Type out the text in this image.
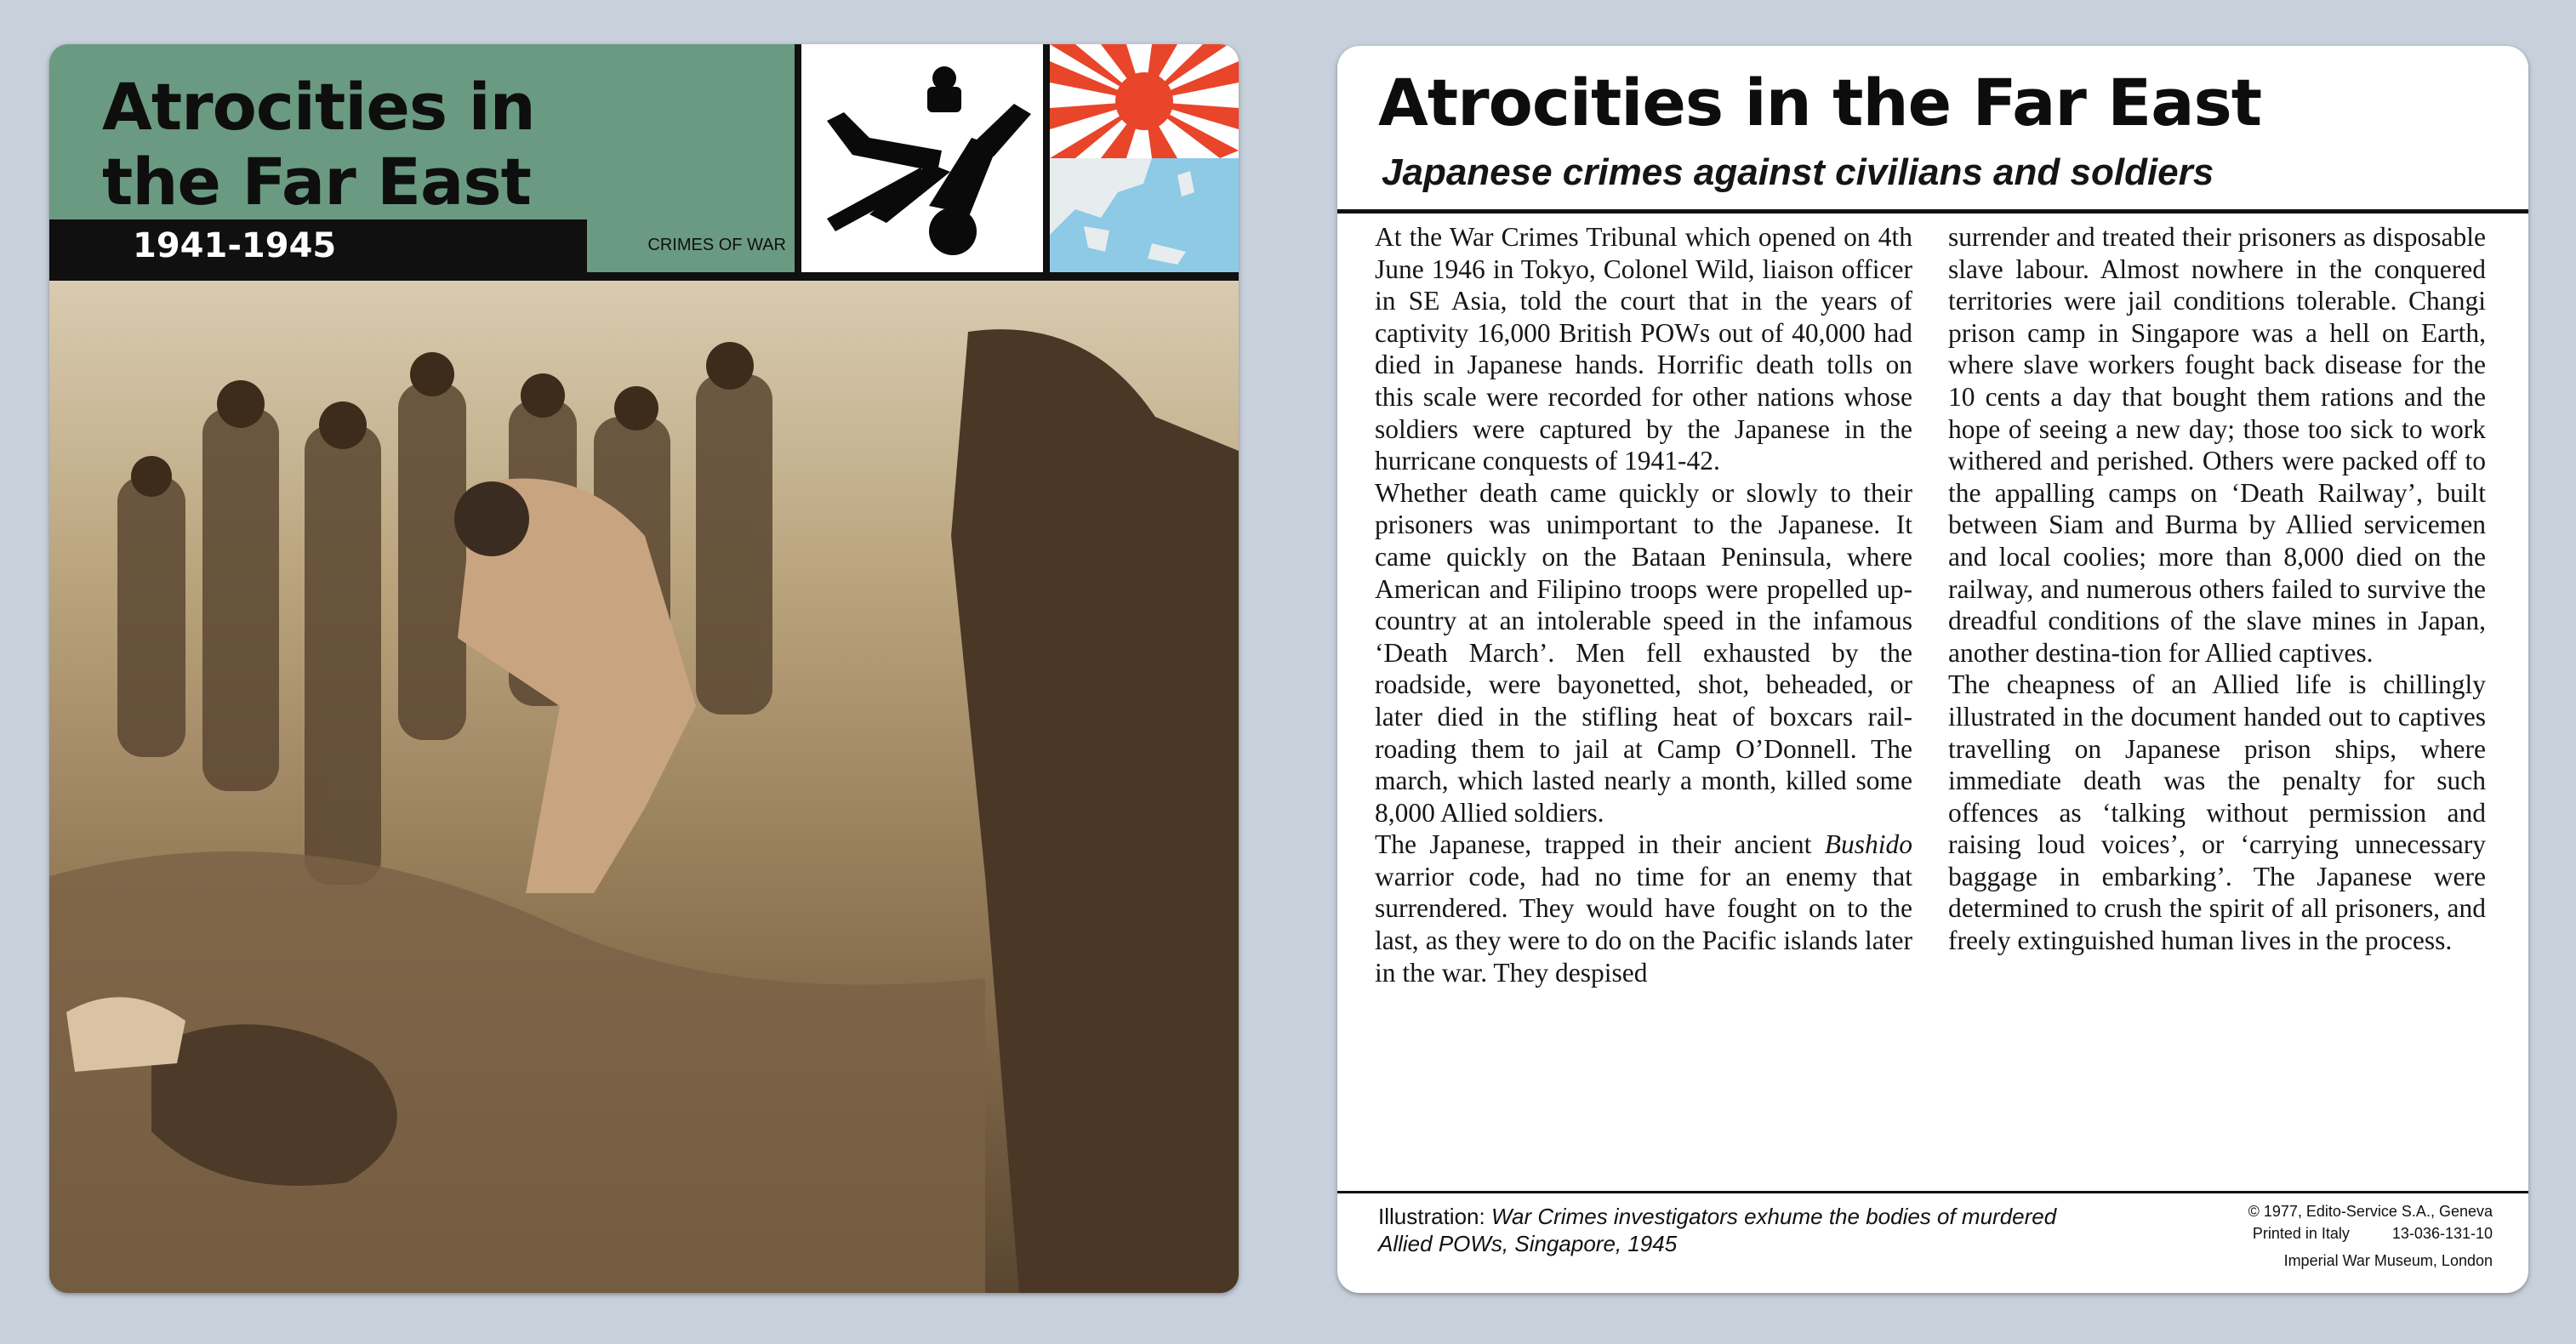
Atrocities in
the Far East
1941-1945	CRIMES OF WAR
Atrocities in the Far East
Japanese crimes against civilians and soldiers

At the War Crimes Tribunal which opened on 4th June 1946 in Tokyo, Colonel Wild, liaison officer in SE Asia, told the court that in the years of captivity 16,000 British POWs out of 40,000 had died in Japanese hands. Horrific death tolls on this scale were recorded for other nations whose soldiers were captured by the Japanese in the hurricane conquests of 1941-42.

Whether death came quickly or slowly to their prisoners was unimportant to the Japanese. It came quickly on the Bataan Peninsula, where American and Filipino troops were propelled up-country at an intolerable speed in the infamous ‘Death March’. Men fell exhausted by the roadside, were bayonetted, shot, beheaded, or later died in the stifling heat of boxcars rail-roading them to jail at Camp O’Donnell. The march, which lasted nearly a month, killed some 8,000 Allied soldiers.

The Japanese, trapped in their ancient Bushido warrior code, had no time for an enemy that surrendered. They would have fought on to the last, as they were to do on the Pacific islands later in the war. They despised

surrender and treated their prisoners as disposable slave labour. Almost nowhere in the conquered territories were jail conditions tolerable. Changi prison camp in Singapore was a hell on Earth, where slave workers fought back disease for the 10 cents a day that bought them rations and the hope of seeing a new day; those too sick to work withered and perished. Others were packed off to the appalling camps on ‘Death Railway’, built between Siam and Burma by Allied servicemen and local coolies; more than 8,000 died on the railway, and numerous others failed to survive the dreadful conditions of the slave mines in Japan, another destina-tion for Allied captives.

The cheapness of an Allied life is chillingly illustrated in the document handed out to captives travelling on Japanese prison ships, where immediate death was the penalty for such offences as ‘talking without permission and raising loud voices’, or ‘carrying unnecessary baggage in embarking’. The Japanese were determined to crush the spirit of all prisoners, and freely extinguished human lives in the process.

Illustration: War Crimes investigators exhume the bodies of murdered Allied POWs, Singapore, 1945
© 1977, Edito-Service S.A., Geneva
Printed in Italy	13-036-131-10
Imperial War Museum, London
